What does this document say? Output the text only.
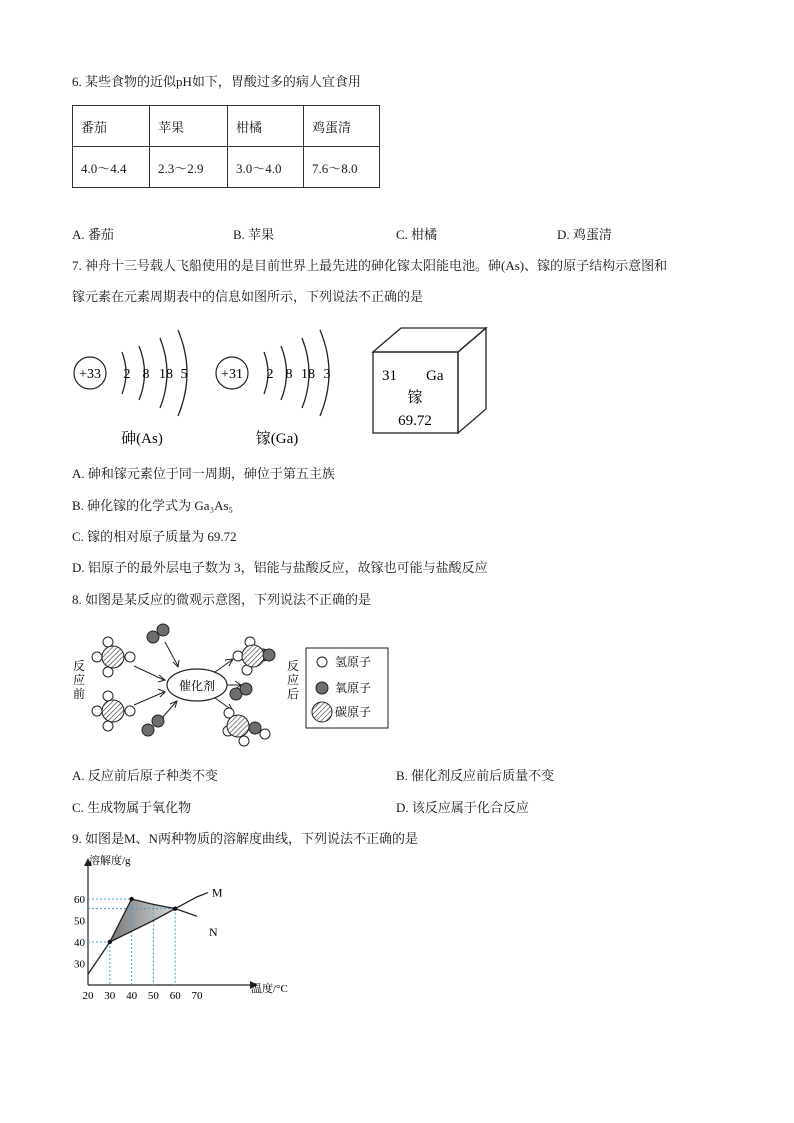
6. 某些食物的近似pH如下，胃酸过多的病人宜食用
番茄	苹果	柑橘	鸡蛋清
4.0～4.4	2.3～2.9	3.0～4.0	7.6～8.0
A. 番茄	B. 苹果	C. 柑橘	D. 鸡蛋清
7. 神舟十三号载人飞船使用的是目前世界上最先进的砷化镓太阳能电池。砷(As)、镓的原子结构示意图和
镓元素在元素周期表中的信息如图所示，下列说法不正确的是
+33 2 8 18 5
砷(As)
+31 2 8 18 3
镓(Ga)
31 Ga
镓
69.72
A. 砷和镓元素位于同一周期，砷位于第五主族
B. 砷化镓的化学式为 Ga₃As₅
C. 镓的相对原子质量为 69.72
D. 铝原子的最外层电子数为 3，铝能与盐酸反应，故镓也可能与盐酸反应
8. 如图是某反应的微观示意图，下列说法不正确的是
反 应 前
反 应 后
催化剂
氢原子
氧原子
碳原子
A. 反应前后原子种类不变	B. 催化剂反应前后质量不变
C. 生成物属于氧化物	D. 该反应属于化合反应
9. 如图是M、N两种物质的溶解度曲线，下列说法不正确的是
溶解度/g
温度/°C
20 30 40 50 60 70
30
40
50
60
N
M
